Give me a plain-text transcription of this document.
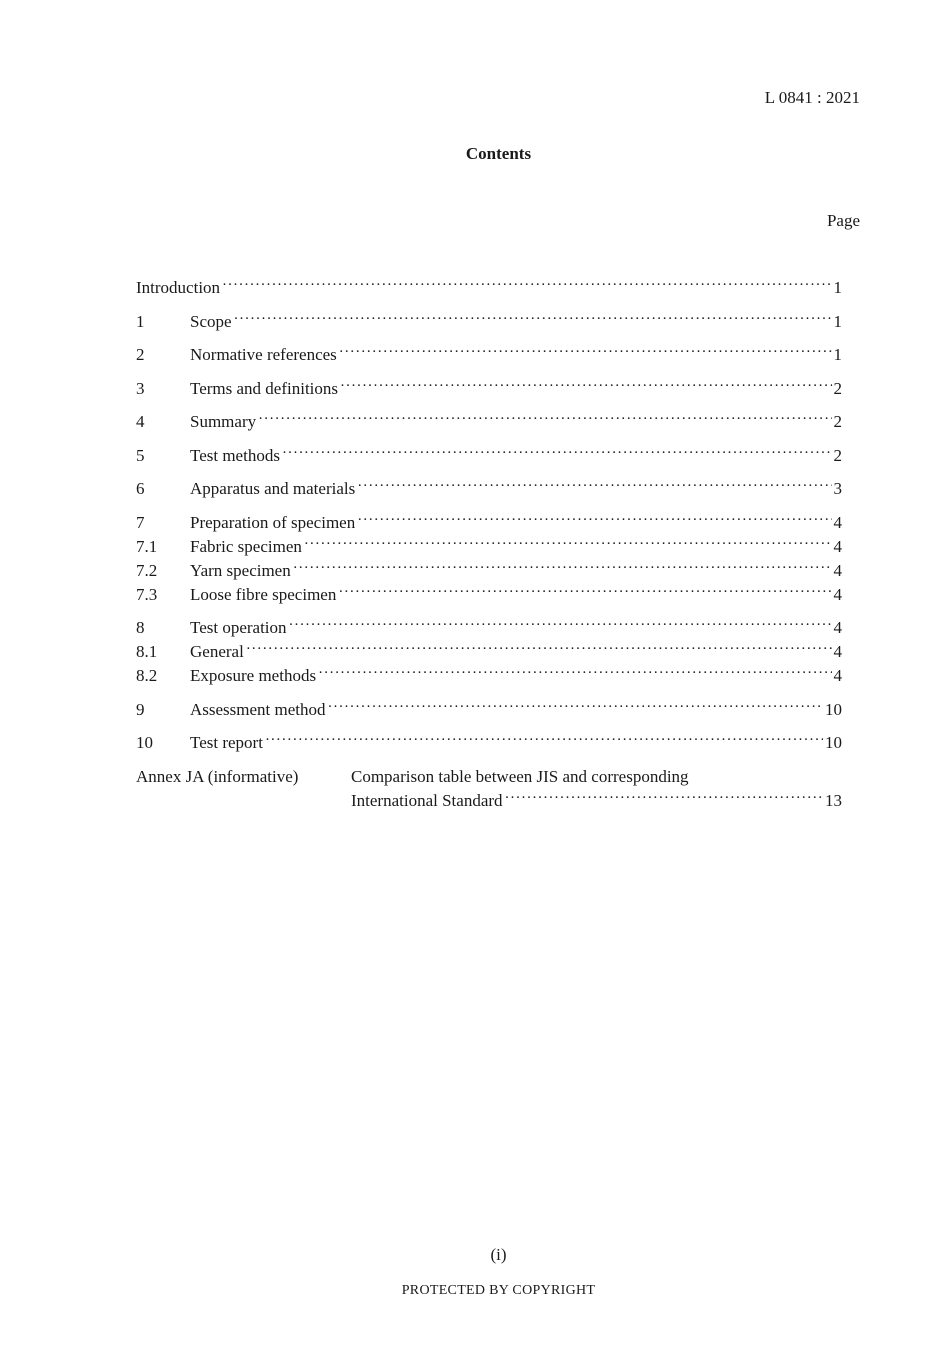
L 0841 : 2021
Contents
Page
Introduction ·····	1
1	Scope ·····	1
2	Normative references ·····	1
3	Terms and definitions ·····	2
4	Summary ·····	2
5	Test methods ·····	2
6	Apparatus and materials ·····	3
7	Preparation of specimen ·····	4
7.1	Fabric specimen ·····	4
7.2	Yarn specimen ·····	4
7.3	Loose fibre specimen ·····	4
8	Test operation ·····	4
8.1	General ·····	4
8.2	Exposure methods ·····	4
9	Assessment method ·····	10
10	Test report ·····	10
Annex JA (informative)	Comparison table between JIS and corresponding
International Standard ·····	13
(i)
PROTECTED BY COPYRIGHT
